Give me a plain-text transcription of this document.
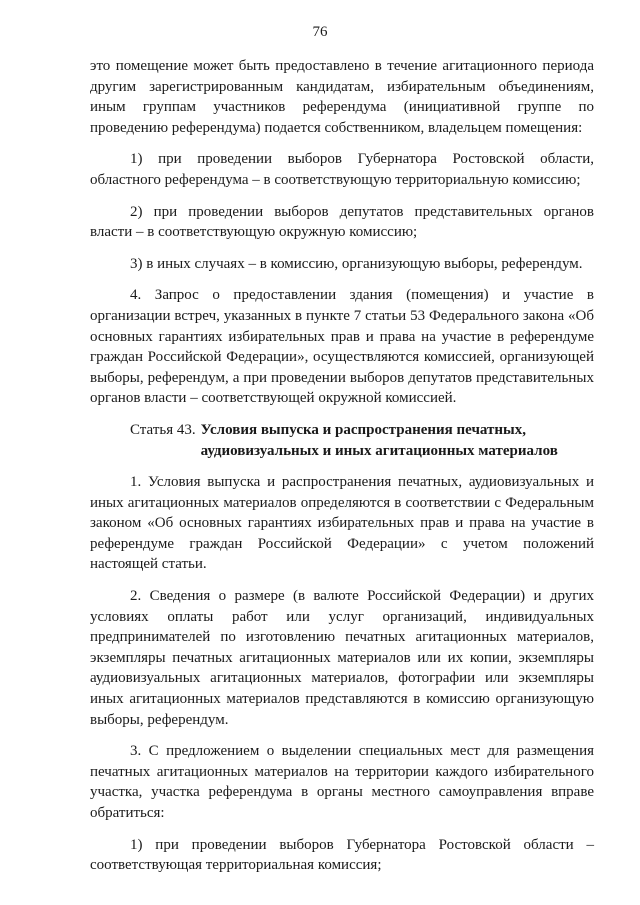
76

это помещение может быть предоставлено в течение агитационного периода другим зарегистрированным кандидатам, избирательным объединениям, иным группам участников референдума (инициативной группе по проведению референдума) подается собственником, владельцем помещения:

1) при проведении выборов Губернатора Ростовской области, областного референдума – в соответствующую территориальную комиссию;

2) при проведении выборов депутатов представительных органов власти – в соответствующую окружную комиссию;

3) в иных случаях – в комиссию, организующую выборы, референдум.

4. Запрос о предоставлении здания (помещения) и участие в организации встреч, указанных в пункте 7 статьи 53 Федерального закона «Об основных гарантиях избирательных прав и права на участие в референдуме граждан Российской Федерации», осуществляются комиссией, организующей выборы, референдум, а при проведении выборов депутатов представительных органов власти – соответствующей окружной комиссией.

Статья 43. Условия выпуска и распространения печатных, аудиовизуальных и иных агитационных материалов

1. Условия выпуска и распространения печатных, аудиовизуальных и иных агитационных материалов определяются в соответствии с Федеральным законом «Об основных гарантиях избирательных прав и права на участие в референдуме граждан Российской Федерации» с учетом положений настоящей статьи.

2. Сведения о размере (в валюте Российской Федерации) и других условиях оплаты работ или услуг организаций, индивидуальных предпринимателей по изготовлению печатных агитационных материалов, экземпляры печатных агитационных материалов или их копии, экземпляры аудиовизуальных агитационных материалов, фотографии или экземпляры иных агитационных материалов представляются в комиссию организующую выборы, референдум.

3. С предложением о выделении специальных мест для размещения печатных агитационных материалов на территории каждого избирательного участка, участка референдума в органы местного самоуправления вправе обратиться:

1) при проведении выборов Губернатора Ростовской области – соответствующая территориальная комиссия;
